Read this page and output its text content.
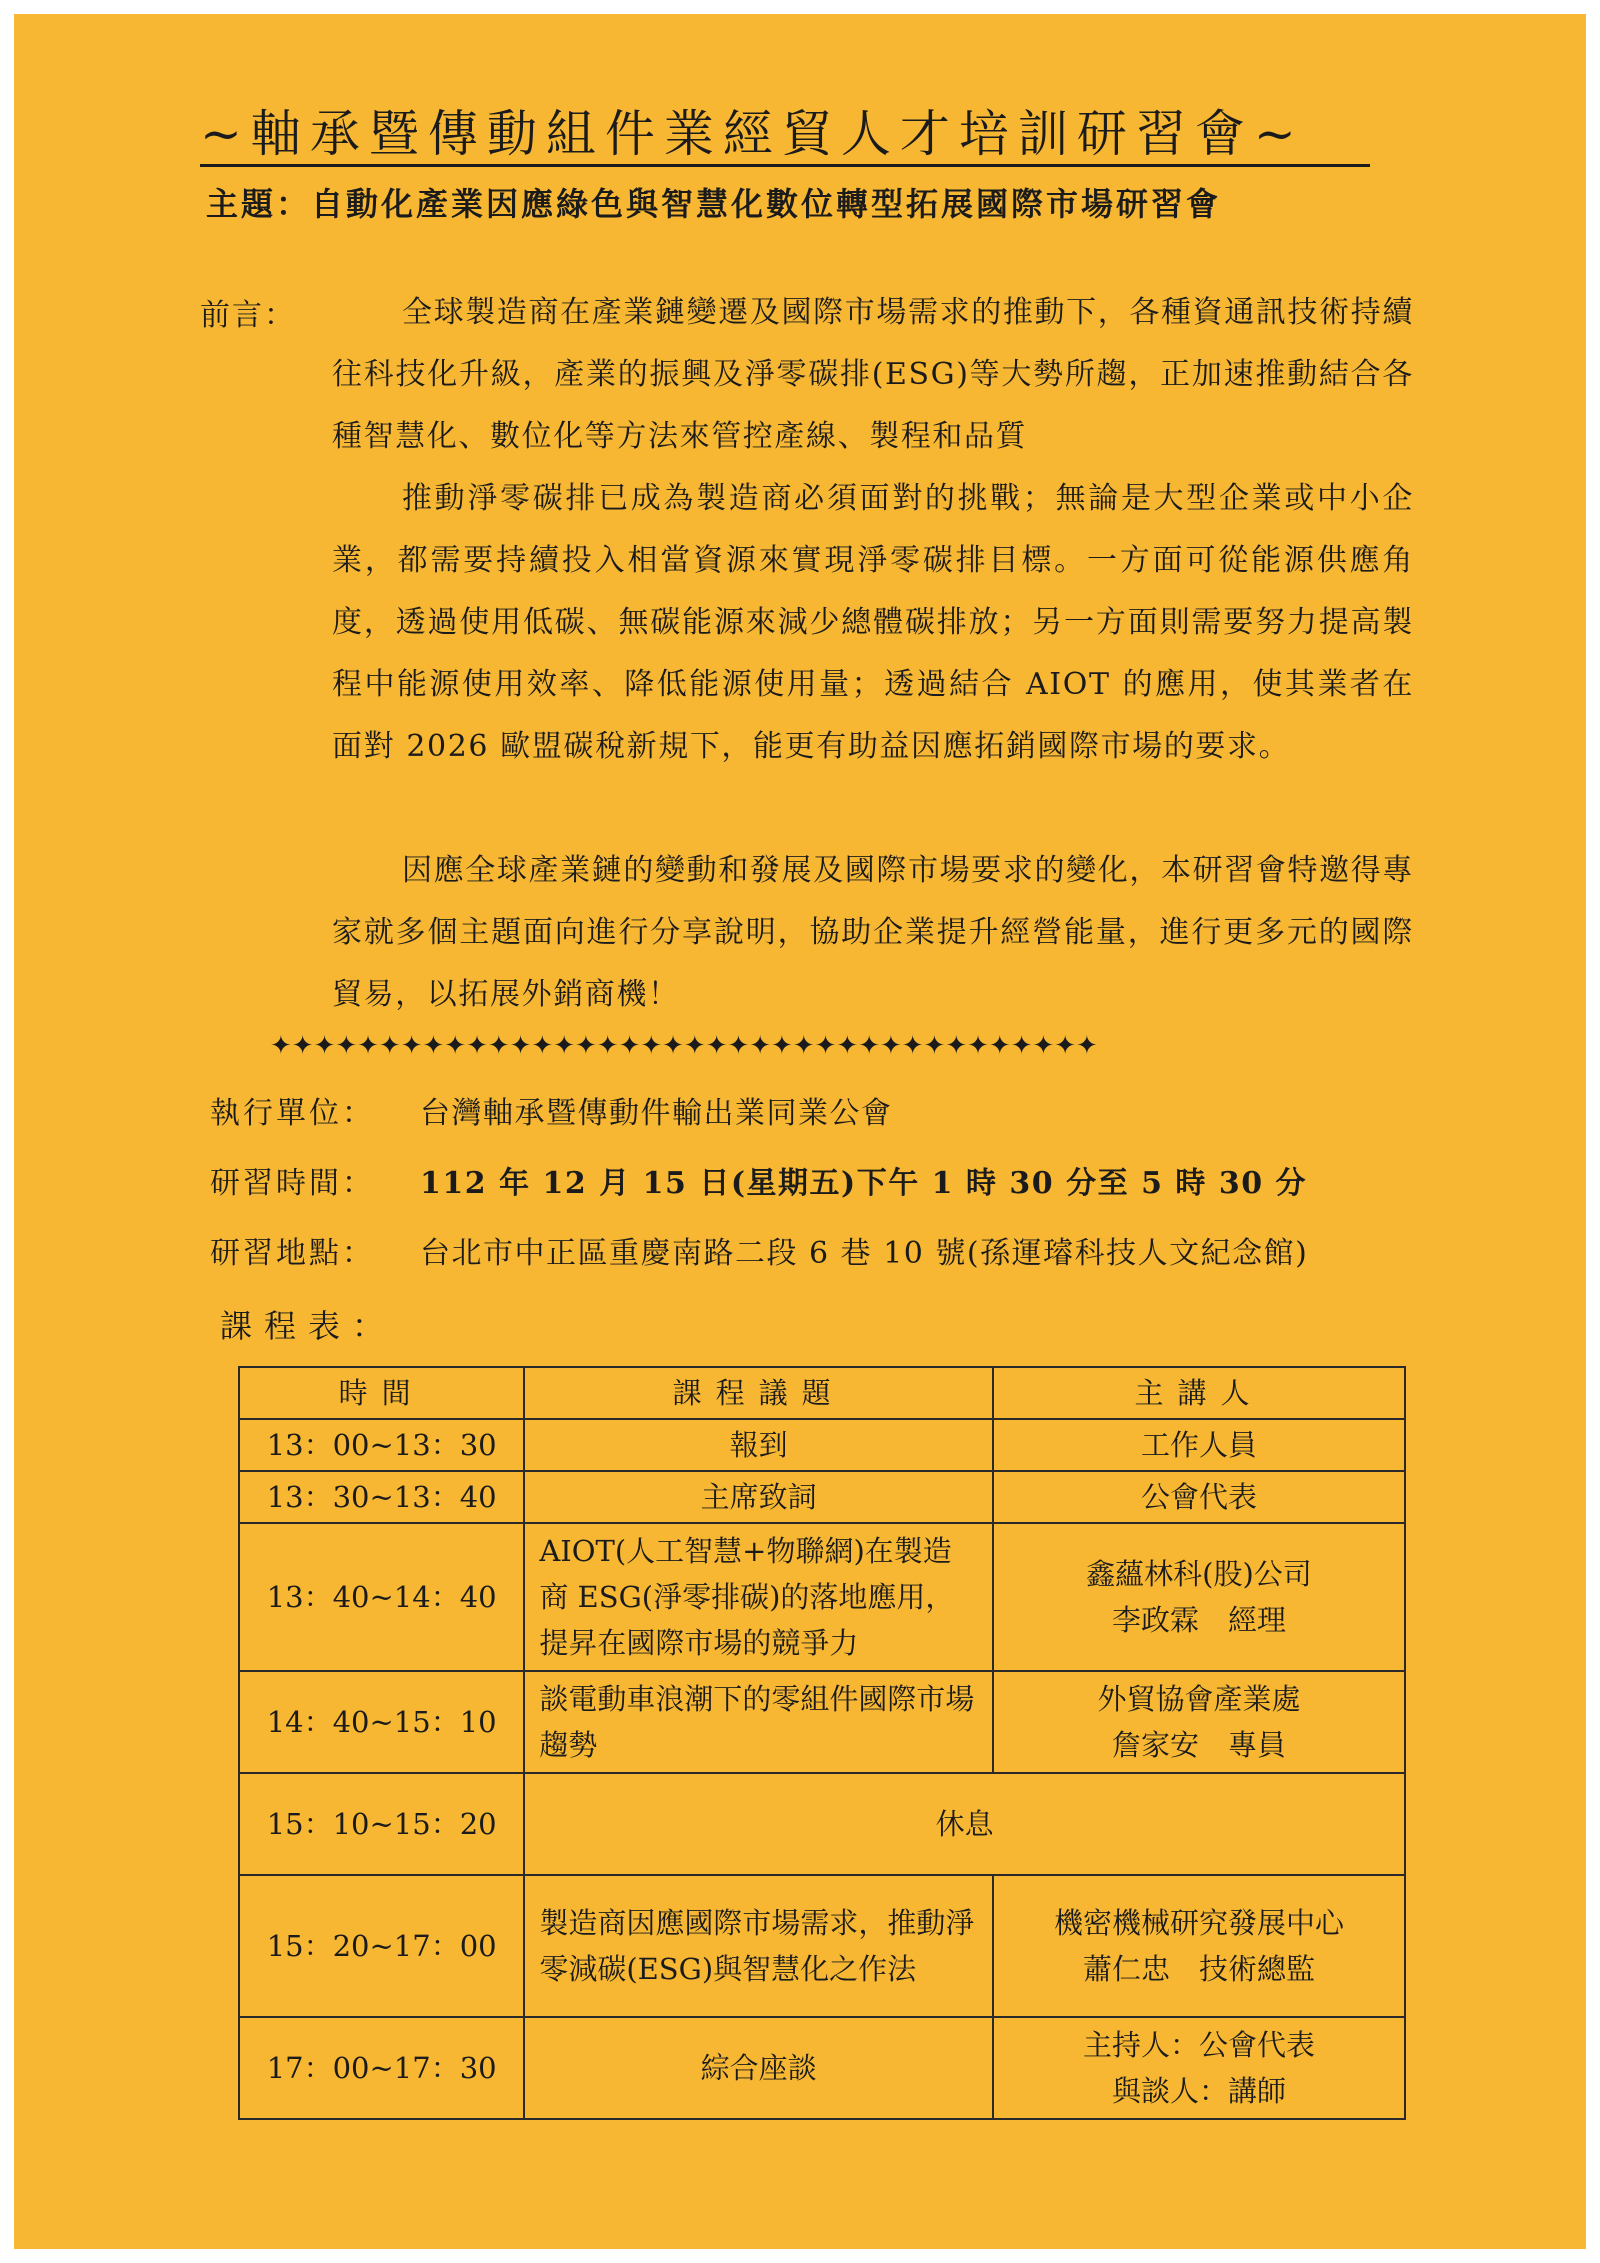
~軸承暨傳動組件業經貿人才培訓研習會~
主題：自動化產業因應綠色與智慧化數位轉型拓展國際市場研習會
前言：	全球製造商在產業鏈變遷及國際市場需求的推動下，各種資通訊技術持續往科技化升級，產業的振興及淨零碳排(ESG)等大勢所趨，正加速推動結合各種智慧化、數位化等方法來管控產線、製程和品質

推動淨零碳排已成為製造商必須面對的挑戰；無論是大型企業或中小企業，都需要持續投入相當資源來實現淨零碳排目標。一方面可從能源供應角度，透過使用低碳、無碳能源來減少總體碳排放；另一方面則需要努力提高製程中能源使用效率、降低能源使用量；透過結合 AIOT 的應用，使其業者在面對 2026 歐盟碳稅新規下，能更有助益因應拓銷國際市場的要求。

因應全球產業鏈的變動和發展及國際市場要求的變化，本研習會特邀得專家就多個主題面向進行分享說明，協助企業提升經營能量，進行更多元的國際貿易，以拓展外銷商機！

✦✦✦✦✦✦✦✦✦✦✦✦✦✦✦✦✦✦✦✦✦✦✦✦✦✦✦✦✦✦✦✦✦✦✦✦✦✦
執行單位： 台灣軸承暨傳動件輸出業同業公會
研習時間： 112 年 12 月 15 日(星期五)下午 1 時 30 分至 5 時 30 分
研習地點： 台北市中正區重慶南路二段 6 巷 10 號(孫運璿科技人文紀念館)
課程表：
時間	課程議題	主講人
13：00~13：30	報到	工作人員
13：30~13：40	主席致詞	公會代表
13：40~14：40	AIOT(人工智慧+物聯網)在製造商 ESG(淨零排碳)的落地應用，提昇在國際市場的競爭力	鑫蘊林科(股)公司
李政霖　經理

14：40~15：10	談電動車浪潮下的零組件國際市場趨勢	外貿協會產業處
詹家安　專員

15：10~15：20	休息	
15：20~17：00	製造商因應國際市場需求，推動淨零減碳(ESG)與智慧化之作法	機密機械研究發展中心
蕭仁忠　技術總監

17：00~17：30	綜合座談	主持人：公會代表
與談人：講師
